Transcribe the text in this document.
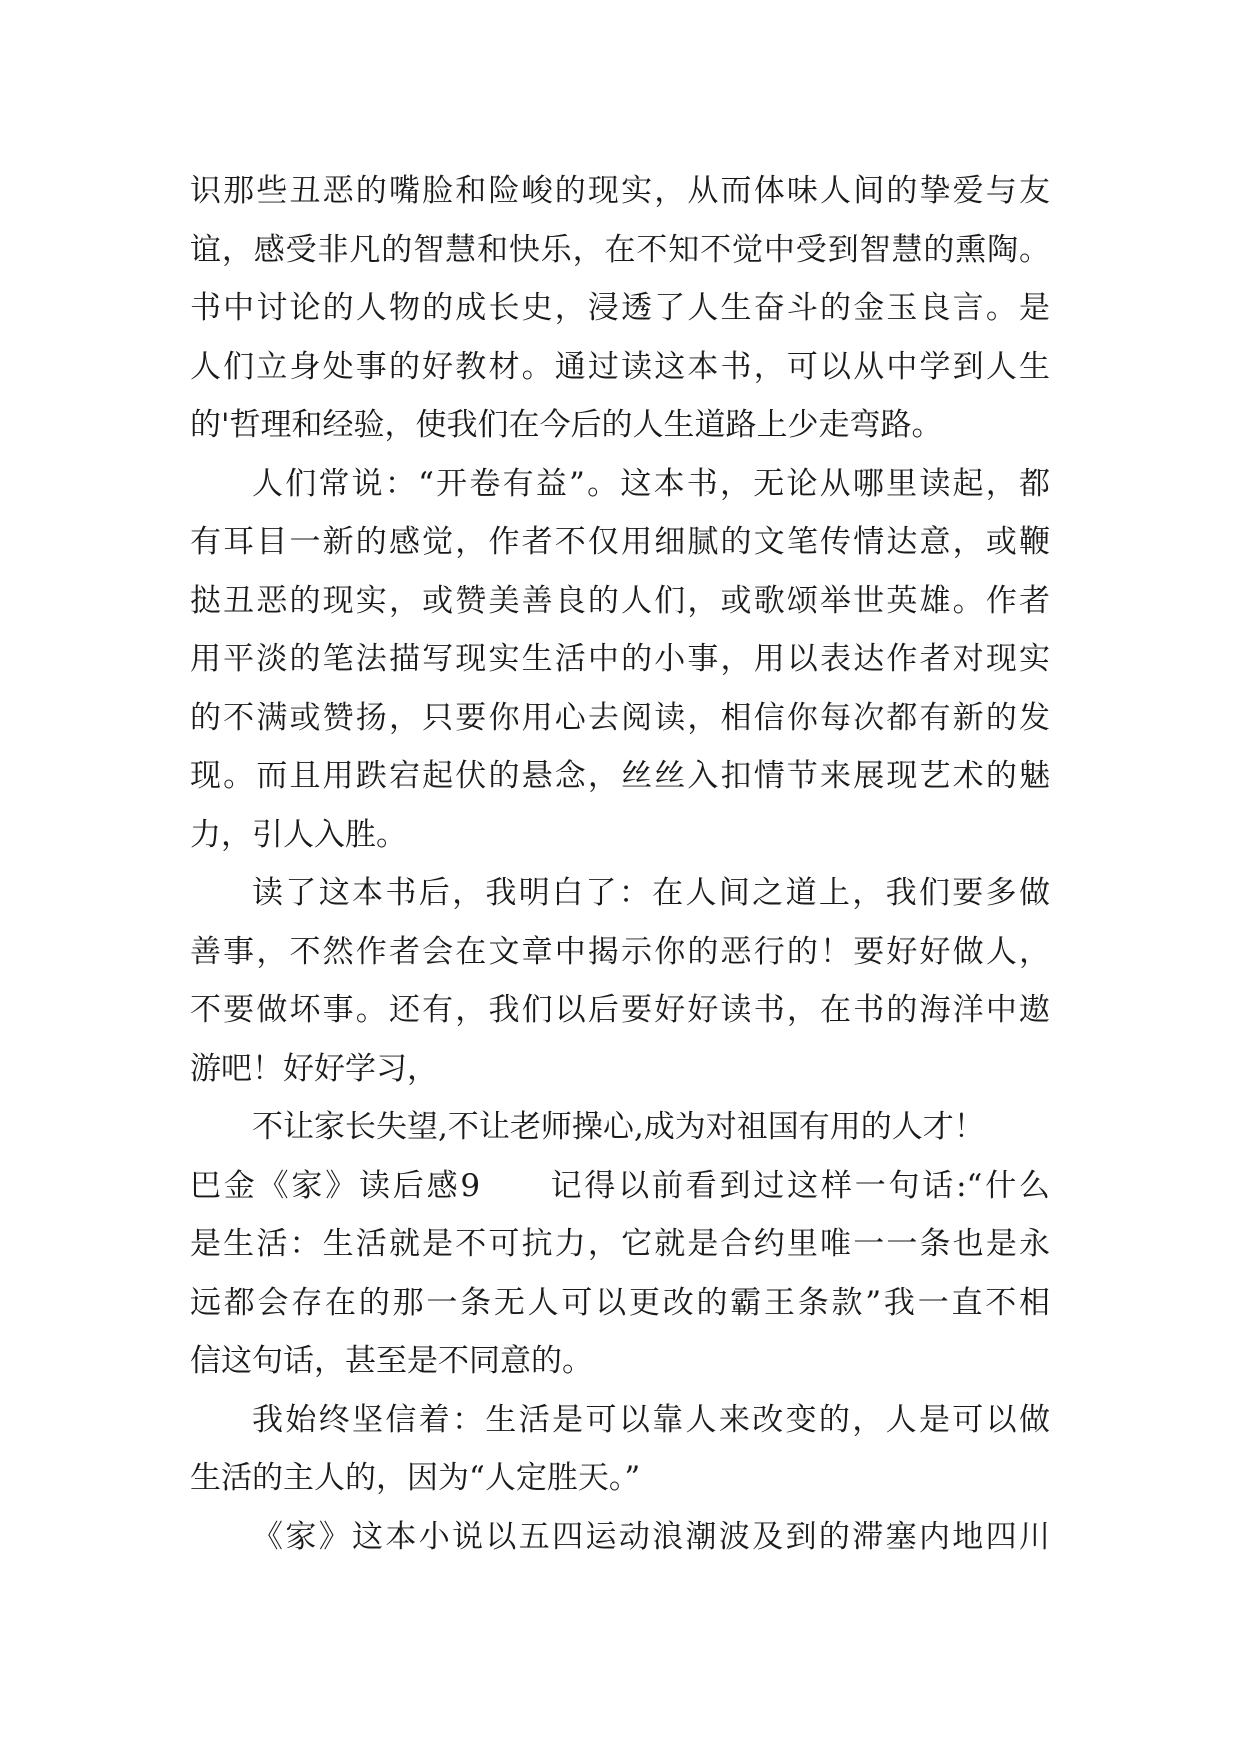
识那些丑恶的嘴脸和险峻的现实，从而体味人间的挚爱与友
谊，感受非凡的智慧和快乐，在不知不觉中受到智慧的熏陶。
书中讨论的人物的成长史，浸透了人生奋斗的金玉良言。是
人们立身处事的好教材。通过读这本书，可以从中学到人生
的'哲理和经验，使我们在今后的人生道路上少走弯路。
人们常说：“开卷有益”。这本书，无论从哪里读起，都
有耳目一新的感觉，作者不仅用细腻的文笔传情达意，或鞭
挞丑恶的现实，或赞美善良的人们，或歌颂举世英雄。作者
用平淡的笔法描写现实生活中的小事，用以表达作者对现实
的不满或赞扬，只要你用心去阅读，相信你每次都有新的发
现。而且用跌宕起伏的悬念，丝丝入扣情节来展现艺术的魅
力，引人入胜。
读了这本书后，我明白了：在人间之道上，我们要多做
善事，不然作者会在文章中揭示你的恶行的！要好好做人，
不要做坏事。还有，我们以后要好好读书，在书的海洋中遨
游吧！好好学习，
不让家长失望,不让老师操心,成为对祖国有用的人才！
巴金《家》读后感9　　记得以前看到过这样一句话:“什么
是生活：生活就是不可抗力，它就是合约里唯一一条也是永
远都会存在的那一条无人可以更改的霸王条款”我一直不相
信这句话，甚至是不同意的。
我始终坚信着：生活是可以靠人来改变的，人是可以做
生活的主人的，因为“人定胜天。”
《家》这本小说以五四运动浪潮波及到的滞塞内地四川
